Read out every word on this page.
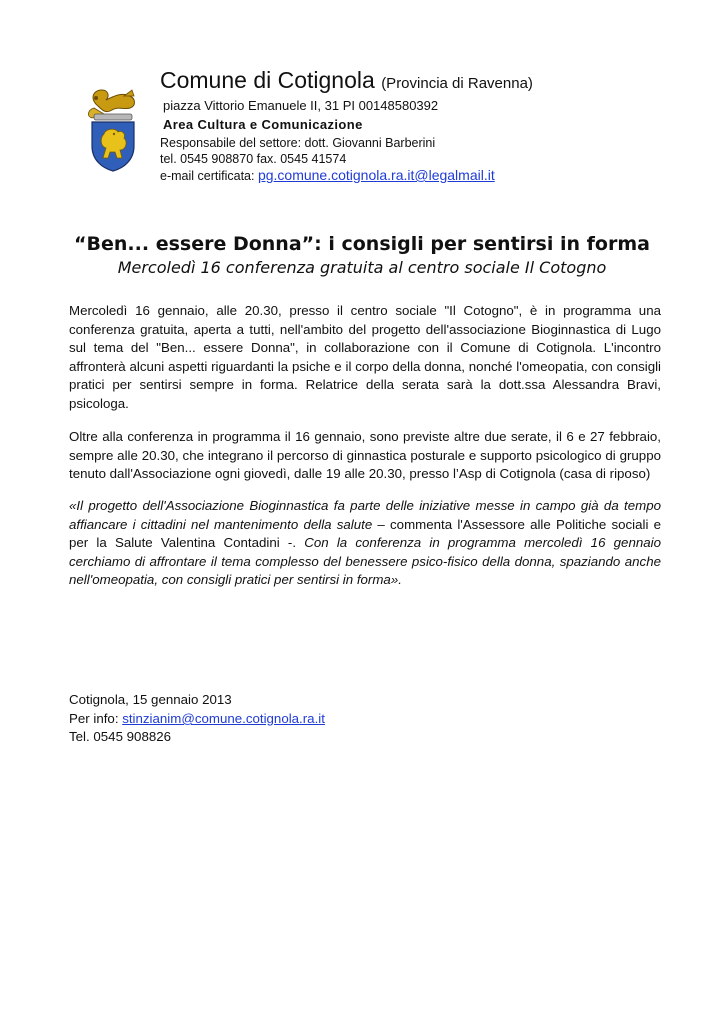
Comune di Cotignola (Provincia di Ravenna)
piazza Vittorio Emanuele II, 31 PI 00148580392
Area Cultura e Comunicazione
Responsabile del settore: dott. Giovanni Barberini
tel. 0545 908870 fax. 0545 41574
e-mail certificata: pg.comune.cotignola.ra.it@legalmail.it
“Ben... essere Donna”: i consigli per sentirsi in forma
Mercoledì 16 conferenza gratuita al centro sociale Il Cotogno
Mercoledì 16 gennaio, alle 20.30, presso il centro sociale "Il Cotogno", è in programma una conferenza gratuita, aperta a tutti, nell'ambito del progetto dell'associazione Bioginnastica di Lugo sul tema del "Ben... essere Donna", in collaborazione con il Comune di Cotignola. L'incontro affronterà alcuni aspetti riguardanti la psiche e il corpo della donna, nonché l'omeopatia, con consigli pratici per sentirsi sempre in forma. Relatrice della serata sarà la dott.ssa Alessandra Bravi, psicologa.
Oltre alla conferenza in programma il 16 gennaio, sono previste altre due serate, il 6 e 27 febbraio, sempre alle 20.30, che integrano il percorso di ginnastica posturale e supporto psicologico di gruppo tenuto dall'Associazione ogni giovedì, dalle 19 alle 20.30, presso l’Asp di Cotignola (casa di riposo)
«Il progetto dell'Associazione Bioginnastica fa parte delle iniziative messe in campo già da tempo affiancare i cittadini nel mantenimento della salute – commenta l'Assessore alle Politiche sociali e per la Salute Valentina Contadini -. Con la conferenza in programma mercoledì 16 gennaio cerchiamo di affrontare il tema complesso del benessere psico-fisico della donna, spaziando anche nell'omeopatia, con consigli pratici per sentirsi in forma».
Cotignola, 15 gennaio 2013
Per info: stinzianim@comune.cotignola.ra.it
Tel. 0545 908826
